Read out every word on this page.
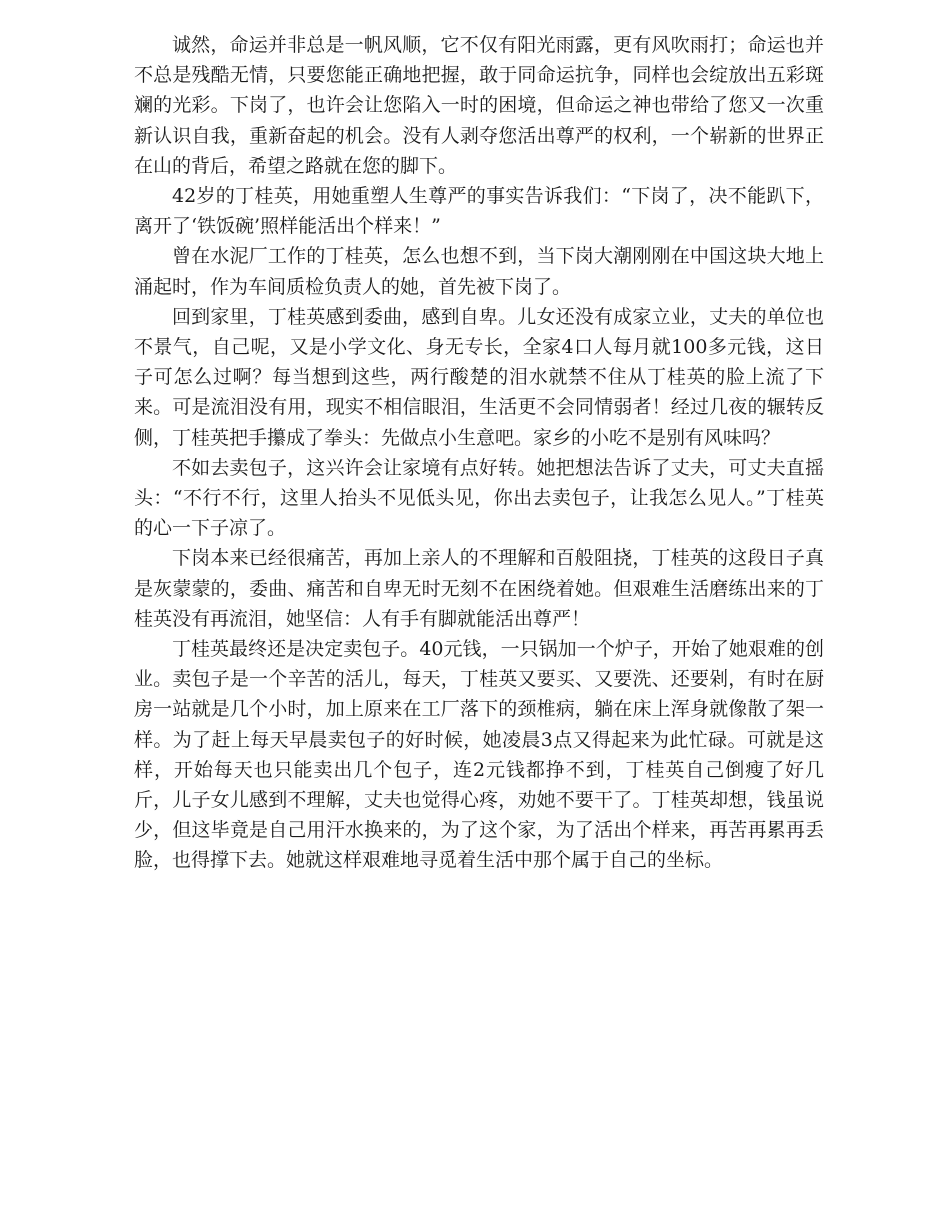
诚然，命运并非总是一帆风顺，它不仅有阳光雨露，更有风吹雨打；命运也并不总是残酷无情，只要您能正确地把握，敢于同命运抗争，同样也会绽放出五彩斑斓的光彩。下岗了，也许会让您陷入一时的困境，但命运之神也带给了您又一次重新认识自我，重新奋起的机会。没有人剥夺您活出尊严的权利，一个崭新的世界正在山的背后，希望之路就在您的脚下。

42岁的丁桂英，用她重塑人生尊严的事实告诉我们：“下岗了，决不能趴下，离开了‘铁饭碗’照样能活出个样来！”

曾在水泥厂工作的丁桂英，怎么也想不到，当下岗大潮刚刚在中国这块大地上涌起时，作为车间质检负责人的她，首先被下岗了。

回到家里，丁桂英感到委曲，感到自卑。儿女还没有成家立业，丈夫的单位也不景气，自己呢，又是小学文化、身无专长，全家4口人每月就100多元钱，这日子可怎么过啊？每当想到这些，两行酸楚的泪水就禁不住从丁桂英的脸上流了下来。可是流泪没有用，现实不相信眼泪，生活更不会同情弱者！经过几夜的辗转反侧，丁桂英把手攥成了拳头：先做点小生意吧。家乡的小吃不是别有风味吗？

不如去卖包子，这兴许会让家境有点好转。她把想法告诉了丈夫，可丈夫直摇头：“不行不行，这里人抬头不见低头见，你出去卖包子，让我怎么见人。”丁桂英的心一下子凉了。

下岗本来已经很痛苦，再加上亲人的不理解和百般阻挠，丁桂英的这段日子真是灰蒙蒙的，委曲、痛苦和自卑无时无刻不在困绕着她。但艰难生活磨练出来的丁桂英没有再流泪，她坚信：人有手有脚就能活出尊严！

丁桂英最终还是决定卖包子。40元钱，一只锅加一个炉子，开始了她艰难的创业。卖包子是一个辛苦的活儿，每天，丁桂英又要买、又要洗、还要剁，有时在厨房一站就是几个小时，加上原来在工厂落下的颈椎病，躺在床上浑身就像散了架一样。为了赶上每天早晨卖包子的好时候，她凌晨3点又得起来为此忙碌。可就是这样，开始每天也只能卖出几个包子，连2元钱都挣不到，丁桂英自己倒瘦了好几斤，儿子女儿感到不理解，丈夫也觉得心疼，劝她不要干了。丁桂英却想，钱虽说少，但这毕竟是自己用汗水换来的，为了这个家，为了活出个样来，再苦再累再丢脸，也得撑下去。她就这样艰难地寻觅着生活中那个属于自己的坐标。
